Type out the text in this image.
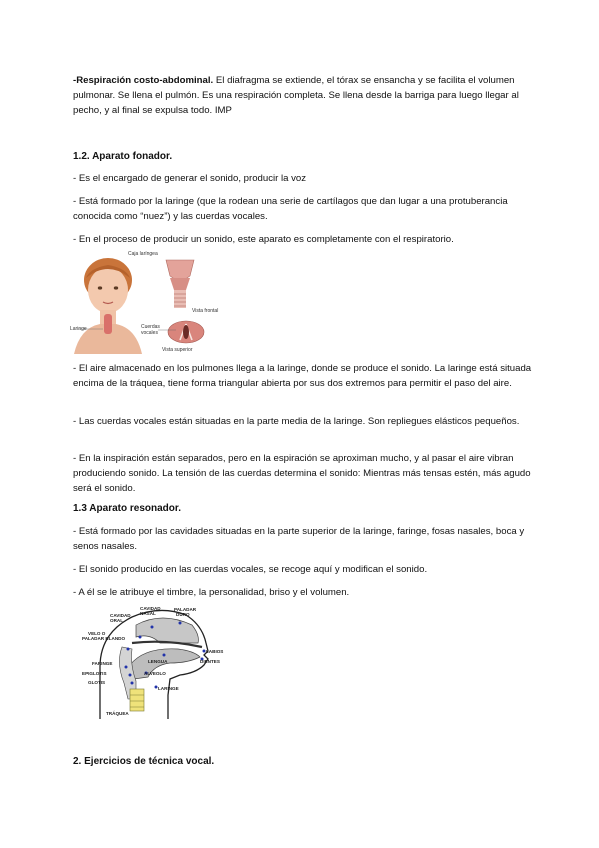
-Respiración costo-abdominal. El diafragma se extiende, el tórax se ensancha y se facilita el volumen pulmonar. Se llena el pulmón. Es una respiración completa. Se llena desde la barriga para luego llegar al pecho, y al final se expulsa todo. IMP

1.2. Aparato fonador.

- Es el encargado de generar el sonido, producir la voz

- Está formado por la laringe (que la rodean una serie de cartílagos que dan lugar a una protuberancia conocida como “nuez”) y las cuerdas vocales.

- En el proceso de producir un sonido, este aparato es completamente con el respiratorio.

Laringe
Caja laríngea
Vista frontal
Cuerdas
vocales
Vista superior

- El aire almacenado en los pulmones llega a la laringe, donde se produce el sonido. La laringe está situada encima de la tráquea, tiene forma triangular abierta por sus dos extremos para permitir el paso del aire.

- Las cuerdas vocales están situadas en la parte media de la laringe. Son repliegues elásticos pequeños.

- En la inspiración están separados, pero en la espiración se aproximan mucho, y al pasar el aire vibran produciendo sonido. La tensión de las cuerdas determina el sonido: Mientras más tensas estén, más agudo será el sonido.

1.3 Aparato resonador.

- Está formado por las cavidades situadas en la parte superior de la laringe, faringe, fosas nasales, boca y senos nasales.

- El sonido producido en las cuerdas vocales, se recoge aquí y modifican el sonido.

- A él se le atribuye el timbre, la personalidad, briso y el volumen.

CAVIDAD
NASAL
PALADAR
DURO
CAVIDAD
ORAL
VELO O
PALADAR BLANDO
LABIOS
DIENTES
LENGUA
FARINGE
EPIGLOTIS	ALVEOLO
GLOTIS
LARINGE
TRÁQUEA

2. Ejercicios de técnica vocal.
